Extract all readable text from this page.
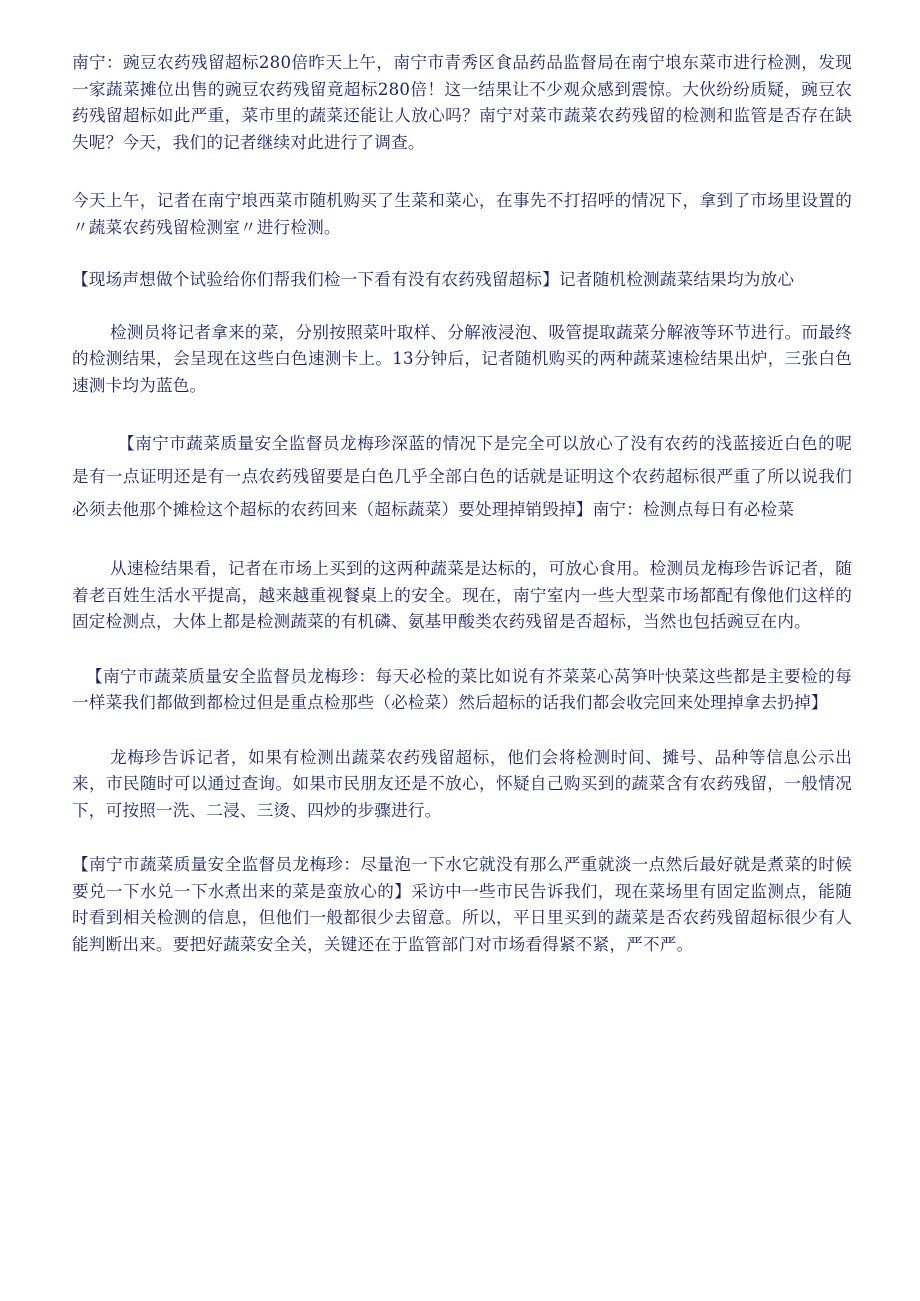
南宁：豌豆农药残留超标280倍昨天上午，南宁市青秀区食品药品监督局在南宁埌东菜市进行检测，发现一家蔬菜摊位出售的豌豆农药残留竟超标280倍！这一结果让不少观众感到震惊。大伙纷纷质疑，豌豆农药残留超标如此严重，菜市里的蔬菜还能让人放心吗？南宁对菜市蔬菜农药残留的检测和监管是否存在缺失呢？今天，我们的记者继续对此进行了调查。

今天上午，记者在南宁埌西菜市随机购买了生菜和菜心，在事先不打招呼的情况下，拿到了市场里设置的〃蔬菜农药残留检测室〃进行检测。

【现场声想做个试验给你们帮我们检一下看有没有农药残留超标】记者随机检测蔬菜结果均为放心

检测员将记者拿来的菜，分别按照菜叶取样、分解液浸泡、吸管提取蔬菜分解液等环节进行。而最终的检测结果，会呈现在这些白色速测卡上。13分钟后，记者随机购买的两种蔬菜速检结果出炉，三张白色速测卡均为蓝色。

【南宁市蔬菜质量安全监督员龙梅珍深蓝的情况下是完全可以放心了没有农药的浅蓝接近白色的呢是有一点证明还是有一点农药残留要是白色几乎全部白色的话就是证明这个农药超标很严重了所以说我们必须去他那个摊检这个超标的农药回来（超标蔬菜）要处理掉销毁掉】南宁：检测点每日有必检菜

从速检结果看，记者在市场上买到的这两种蔬菜是达标的，可放心食用。检测员龙梅珍告诉记者，随着老百姓生活水平提高，越来越重视餐桌上的安全。现在，南宁室内一些大型菜市场都配有像他们这样的固定检测点，大体上都是检测蔬菜的有机磷、氨基甲酸类农药残留是否超标，当然也包括豌豆在内。

【南宁市蔬菜质量安全监督员龙梅珍：每天必检的菜比如说有芥菜菜心莴笋叶快菜这些都是主要检的每一样菜我们都做到都检过但是重点检那些（必检菜）然后超标的话我们都会收完回来处理掉拿去扔掉】

龙梅珍告诉记者，如果有检测出蔬菜农药残留超标，他们会将检测时间、摊号、品种等信息公示出来，市民随时可以通过查询。如果市民朋友还是不放心，怀疑自己购买到的蔬菜含有农药残留，一般情况下，可按照一洗、二浸、三烫、四炒的步骤进行。

【南宁市蔬菜质量安全监督员龙梅珍：尽量泡一下水它就没有那么严重就淡一点然后最好就是煮菜的时候要兑一下水兑一下水煮出来的菜是蛮放心的】采访中一些市民告诉我们，现在菜场里有固定监测点，能随时看到相关检测的信息，但他们一般都很少去留意。所以，平日里买到的蔬菜是否农药残留超标很少有人能判断出来。要把好蔬菜安全关，关键还在于监管部门对市场看得紧不紧，严不严。
